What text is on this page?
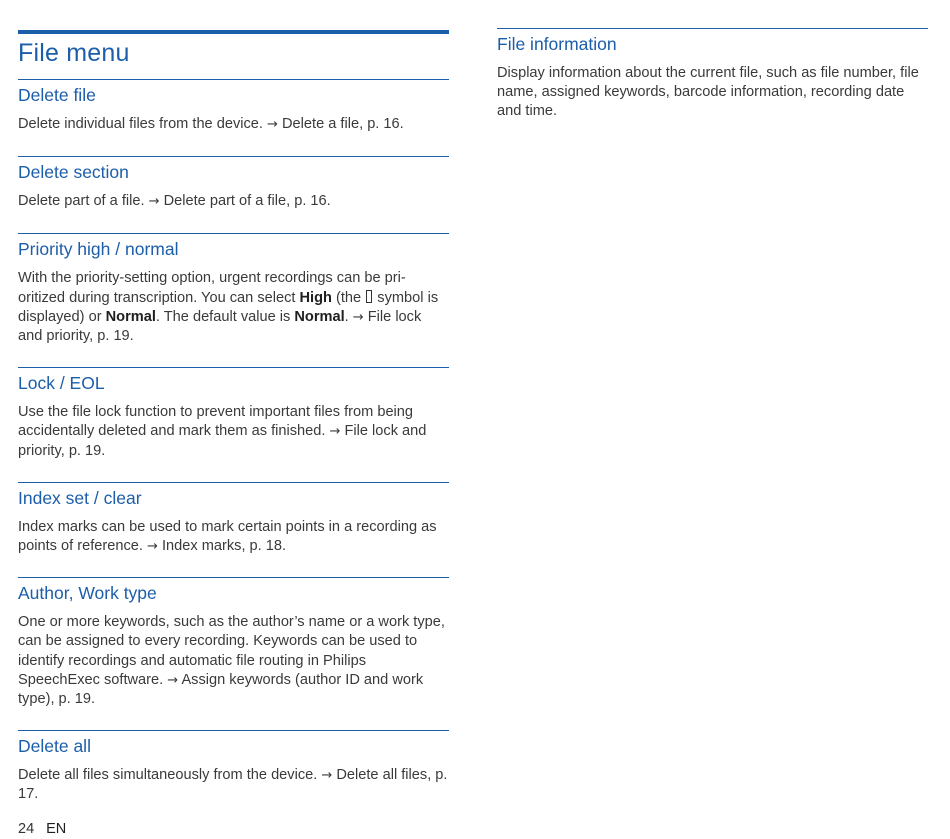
File menu
Delete file

Delete individual files from the device. → Delete a file, p. 16.

Delete section

Delete part of a file. → Delete part of a file, p. 16.

Priority high / normal

With the priority-setting option, urgent recordings can be pri-oritized during transcription. You can select High (the symbol is displayed) or Normal. The default value is Normal. → File lock and priority, p. 19.

Lock / EOL

Use the file lock function to prevent important files from being accidentally deleted and mark them as finished. → File lock and priority, p. 19.

Index set / clear

Index marks can be used to mark certain points in a recording as points of reference. → Index marks, p. 18.

Author, Work type

One or more keywords, such as the author’s name or a work type, can be assigned to every recording. Keywords can be used to identify recordings and automatic file routing in Philips SpeechExec software. → Assign keywords (author ID and work type), p. 19.

Delete all

Delete all files simultaneously from the device. → Delete all files, p. 17.

File information

Display information about the current file, such as file number, file name, assigned keywords, barcode information, recording date and time.

24 EN
